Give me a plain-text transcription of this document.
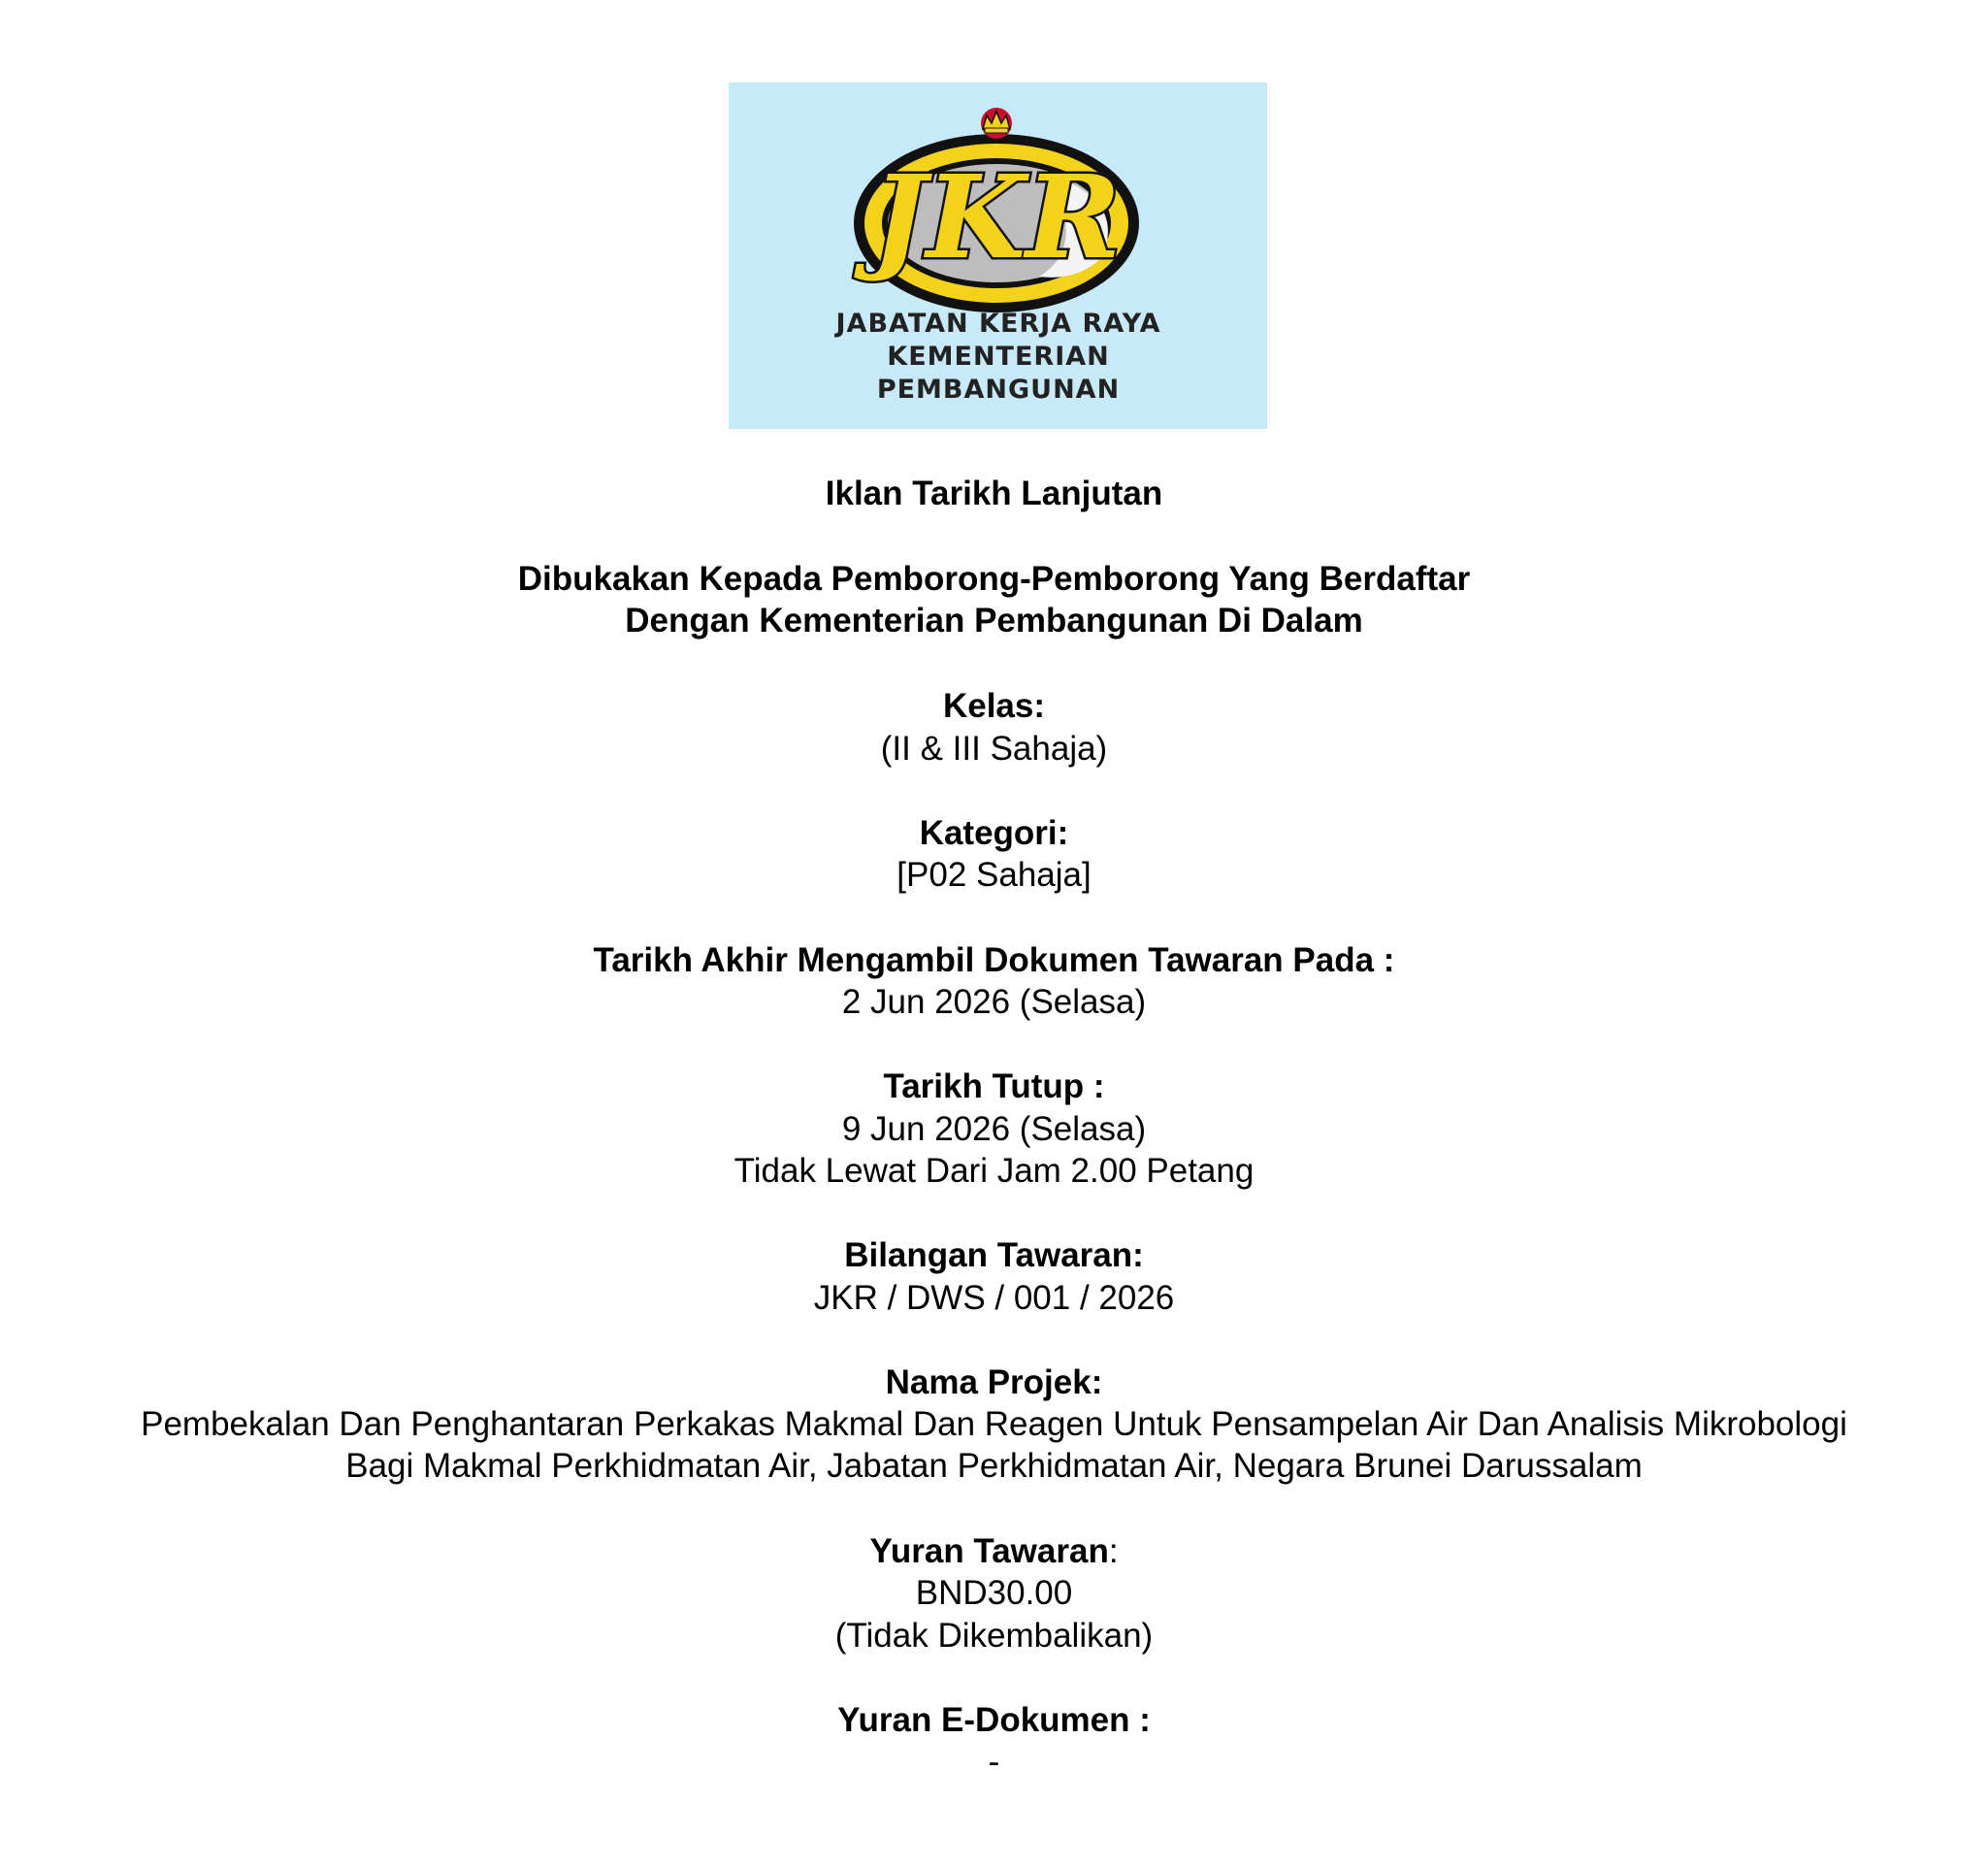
JKR
JABATAN KERJA RAYA
KEMENTERIAN
PEMBANGUNAN
Iklan Tarikh Lanjutan
Dibukakan Kepada Pemborong-Pemborong Yang Berdaftar
Dengan Kementerian Pembangunan Di Dalam
Kelas:
(II & III Sahaja)
Kategori:
[P02 Sahaja]
Tarikh Akhir Mengambil Dokumen Tawaran Pada :
2 Jun 2026 (Selasa)
Tarikh Tutup :
9 Jun 2026 (Selasa)
Tidak Lewat Dari Jam 2.00 Petang
Bilangan Tawaran:
JKR / DWS / 001 / 2026
Nama Projek:
Pembekalan Dan Penghantaran Perkakas Makmal Dan Reagen Untuk Pensampelan Air Dan Analisis Mikrobologi
Bagi Makmal Perkhidmatan Air, Jabatan Perkhidmatan Air, Negara Brunei Darussalam
Yuran Tawaran:
BND30.00
(Tidak Dikembalikan)
Yuran E-Dokumen :
-
